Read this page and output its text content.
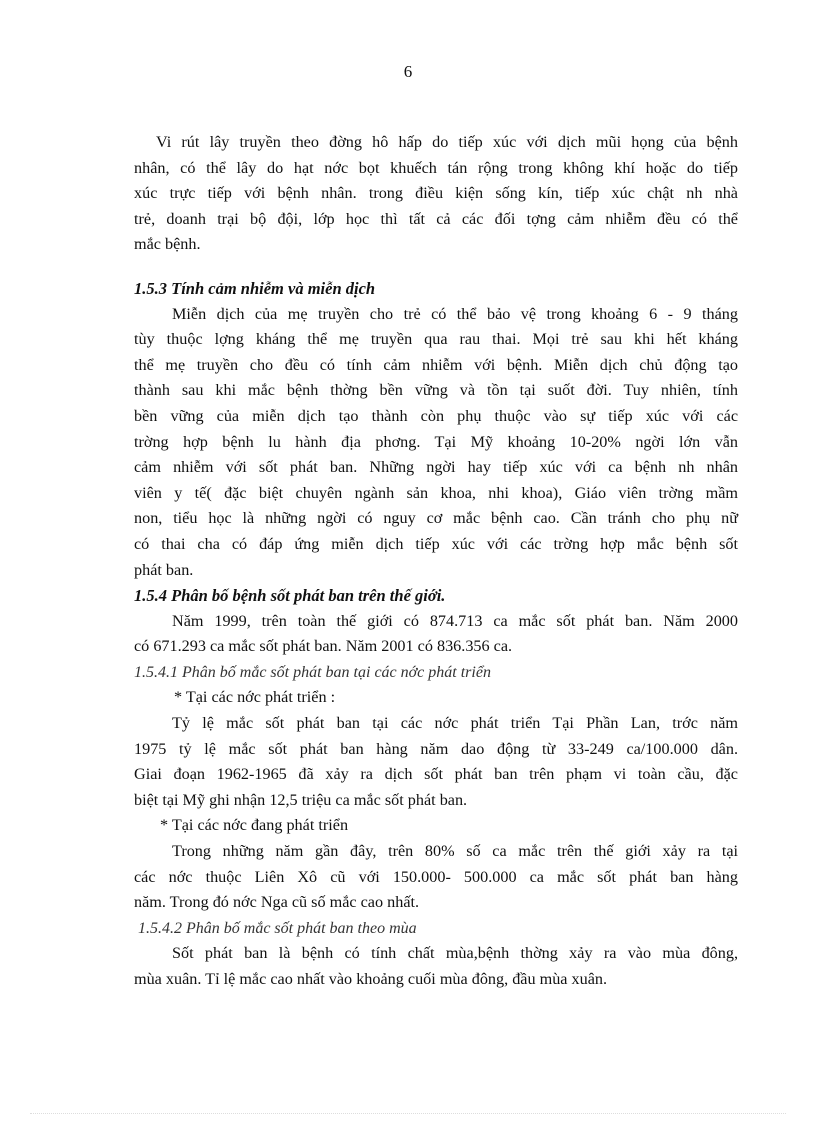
6
Vi rút lây truyền theo đờng hô hấp do tiếp xúc với dịch mũi họng của bệnh
nhân, có thể lây do hạt nớc bọt khuếch tán rộng trong không khí hoặc do tiếp
xúc trực tiếp với bệnh nhân. trong điều kiện sống kín, tiếp xúc chật nh nhà
trẻ, doanh trại bộ đội, lớp học thì tất cả các đối tợng cảm nhiễm đều có thể
mắc bệnh.
1.5.3 Tính cảm nhiễm và miễn dịch
Miễn dịch của mẹ truyền cho trẻ có thể bảo vệ trong khoảng 6 - 9 tháng
tùy thuộc lợng kháng thể mẹ truyền qua rau thai. Mọi trẻ sau khi hết kháng
thể mẹ truyền cho đều có tính cảm nhiễm với bệnh. Miễn dịch chủ động tạo
thành sau khi mắc bệnh thờng bền vững và tồn tại suốt đời. Tuy nhiên, tính
bền vững của miễn dịch tạo thành còn phụ thuộc vào sự tiếp xúc với các
trờng hợp bệnh lu hành địa phơng. Tại Mỹ khoảng 10-20% ngời lớn vẫn
cảm nhiễm với sốt phát ban. Những ngời hay tiếp xúc với ca bệnh nh nhân
viên y tế( đặc biệt chuyên ngành sản khoa, nhi khoa), Giáo viên trờng mầm
non, tiểu học là những ngời có nguy cơ mắc bệnh cao. Cần tránh cho phụ nữ
có thai cha có đáp ứng miễn dịch tiếp xúc với các trờng hợp mắc bệnh sốt
phát ban.
1.5.4 Phân bố bệnh sốt phát ban trên thế giới.
Năm 1999, trên toàn thế giới có 874.713 ca mắc sốt phát ban. Năm 2000
có 671.293 ca mắc sốt phát ban. Năm 2001 có 836.356 ca.
1.5.4.1 Phân bố mắc sốt phát ban tại các nớc phát triển
* Tại các nớc phát triển :
Tỷ lệ mắc sốt phát ban tại các nớc phát triển Tại Phần Lan, trớc năm
1975 tỷ lệ mắc sốt phát ban hàng năm dao động từ 33-249 ca/100.000 dân.
Giai đoạn 1962-1965 đã xảy ra dịch sốt phát ban trên phạm vi toàn cầu, đặc
biệt tại Mỹ ghi nhận 12,5 triệu ca mắc sốt phát ban.
* Tại các nớc đang phát triển
Trong những năm gần đây, trên 80% số ca mắc trên thế giới xảy ra tại
các nớc thuộc Liên Xô cũ với 150.000- 500.000 ca mắc sốt phát ban hàng
năm. Trong đó nớc Nga cũ số mắc cao nhất.
1.5.4.2 Phân bố mắc sốt phát ban theo mùa
Sốt phát ban là bệnh có tính chất mùa,bệnh thờng xảy ra vào mùa đông,
mùa xuân. Tỉ lệ mắc cao nhất vào khoảng cuối mùa đông, đầu mùa xuân.
